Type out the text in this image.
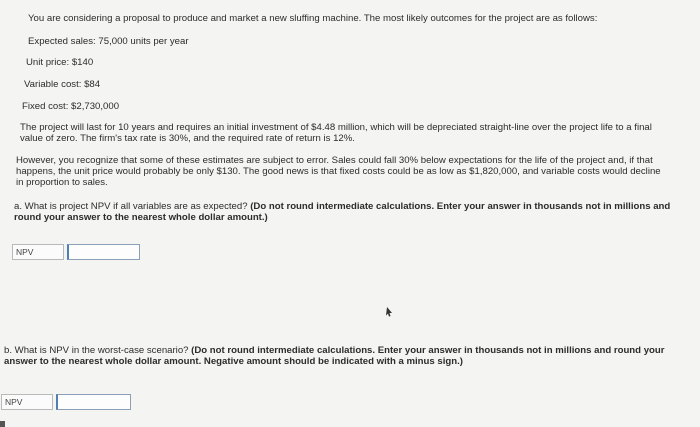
You are considering a proposal to produce and market a new sluffing machine. The most likely outcomes for the project are as follows:
Expected sales: 75,000 units per year
Unit price: $140
Variable cost: $84
Fixed cost: $2,730,000
The project will last for 10 years and requires an initial investment of $4.48 million, which will be depreciated straight-line over the project life to a final value of zero. The firm's tax rate is 30%, and the required rate of return is 12%.
However, you recognize that some of these estimates are subject to error. Sales could fall 30% below expectations for the life of the project and, if that happens, the unit price would probably be only $130. The good news is that fixed costs could be as low as $1,820,000, and variable costs would decline in proportion to sales.
a. What is project NPV if all variables are as expected? (Do not round intermediate calculations. Enter your answer in thousands not in millions and round your answer to the nearest whole dollar amount.)
NPV
b. What is NPV in the worst-case scenario? (Do not round intermediate calculations. Enter your answer in thousands not in millions and round your answer to the nearest whole dollar amount. Negative amount should be indicated with a minus sign.)
NPV
